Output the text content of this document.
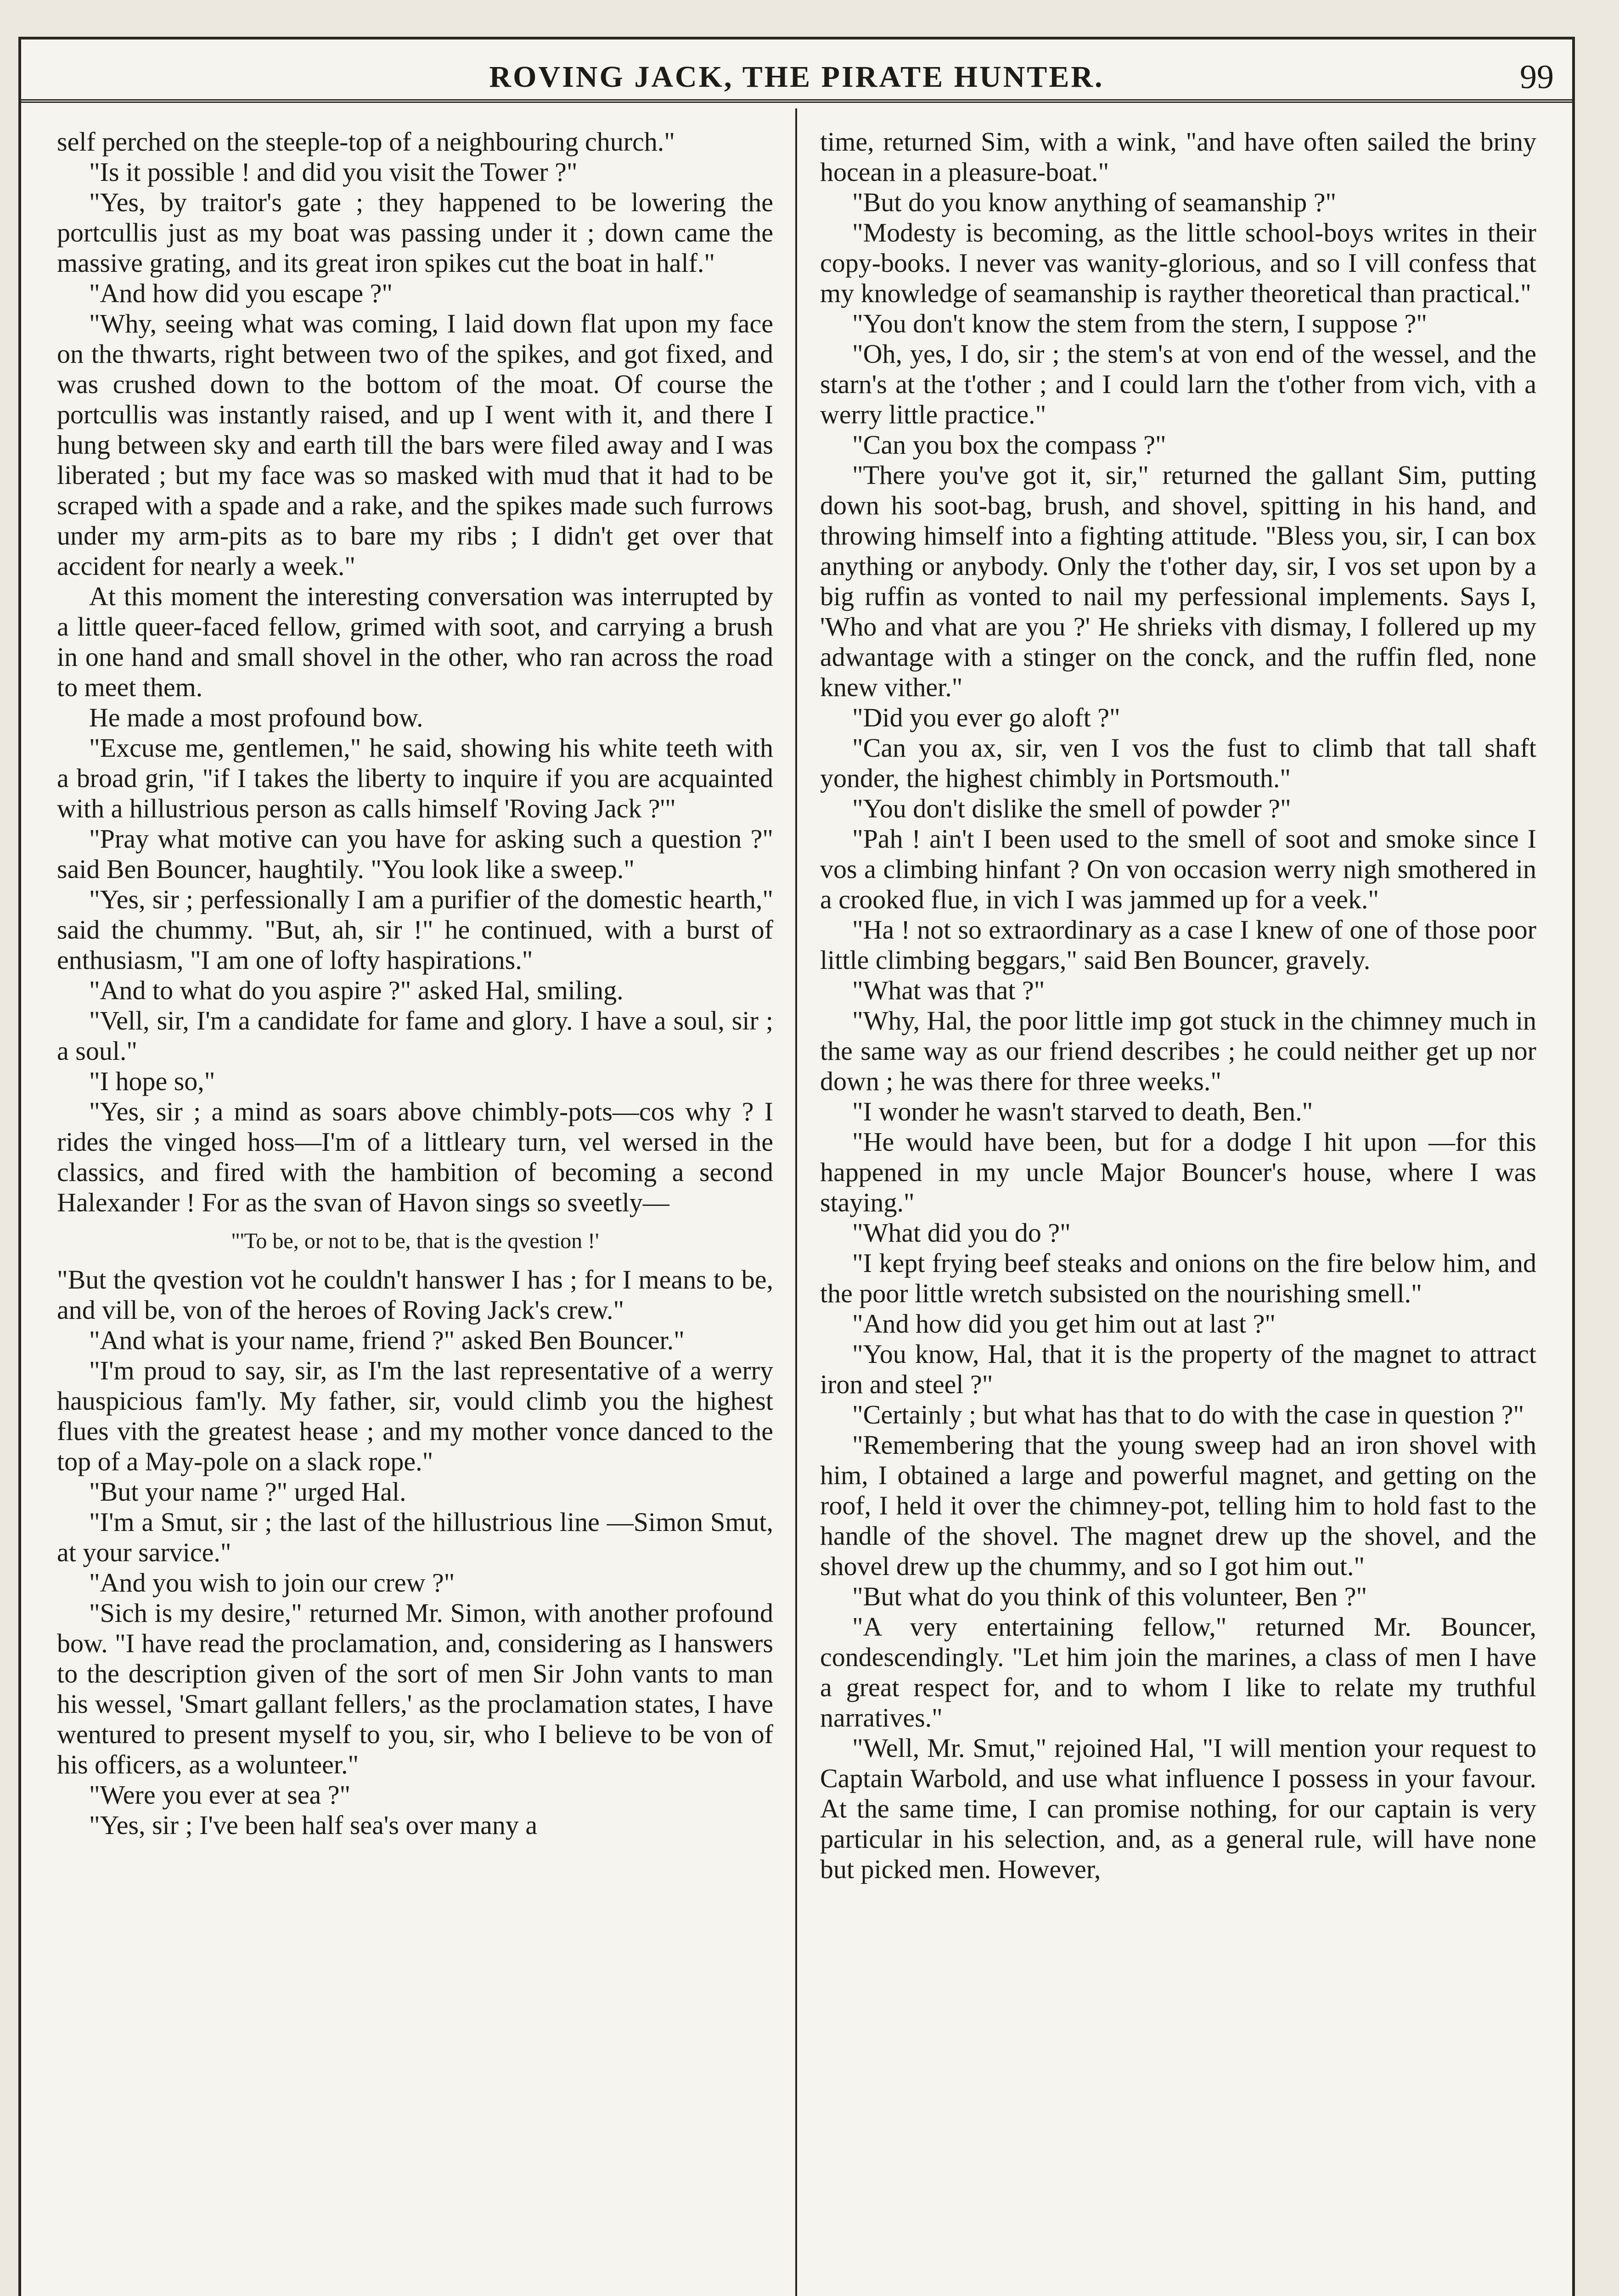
ROVING JACK, THE PIRATE HUNTER.	99

self perched on the steeple-top of a neighbouring church."

"Is it possible ! and did you visit the Tower ?"

"Yes, by traitor's gate ; they happened to be lowering the portcullis just as my boat was passing under it ; down came the massive grating, and its great iron spikes cut the boat in half."

"And how did you escape ?"

"Why, seeing what was coming, I laid down flat upon my face on the thwarts, right between two of the spikes, and got fixed, and was crushed down to the bottom of the moat. Of course the portcullis was instantly raised, and up I went with it, and there I hung between sky and earth till the bars were filed away and I was liberated ; but my face was so masked with mud that it had to be scraped with a spade and a rake, and the spikes made such furrows under my arm-pits as to bare my ribs ; I didn't get over that accident for nearly a week."

At this moment the interesting conversation was interrupted by a little queer-faced fellow, grimed with soot, and carrying a brush in one hand and small shovel in the other, who ran across the road to meet them.

He made a most profound bow.

"Excuse me, gentlemen," he said, showing his white teeth with a broad grin, "if I takes the liberty to inquire if you are acquainted with a hillustrious person as calls himself 'Roving Jack ?'"

"Pray what motive can you have for asking such a question ?" said Ben Bouncer, haughtily. "You look like a sweep."

"Yes, sir ; perfessionally I am a purifier of the domestic hearth," said the chummy. "But, ah, sir !" he continued, with a burst of enthusiasm, "I am one of lofty haspirations."

"And to what do you aspire ?" asked Hal, smiling.

"Vell, sir, I'm a candidate for fame and glory. I have a soul, sir ; a soul."

"I hope so,"

"Yes, sir ; a mind as soars above chimbly-pots—cos why ? I rides the vinged hoss—I'm of a littleary turn, vel wersed in the classics, and fired with the hambition of becoming a second Halexander ! For as the svan of Havon sings so sveetly—

"'To be, or not to be, that is the qvestion !'

"But the qvestion vot he couldn't hanswer I has ; for I means to be, and vill be, von of the heroes of Roving Jack's crew."

"And what is your name, friend ?" asked Ben Bouncer."

"I'm proud to say, sir, as I'm the last representative of a werry hauspicious fam'ly. My father, sir, vould climb you the highest flues vith the greatest hease ; and my mother vonce danced to the top of a May-pole on a slack rope."

"But your name ?" urged Hal.

"I'm a Smut, sir ; the last of the hillustrious line —Simon Smut, at your sarvice."

"And you wish to join our crew ?"

"Sich is my desire," returned Mr. Simon, with another profound bow. "I have read the proclamation, and, considering as I hanswers to the description given of the sort of men Sir John vants to man his wessel, 'Smart gallant fellers,' as the proclamation states, I have wentured to present myself to you, sir, who I believe to be von of his officers, as a wolunteer."

"Were you ever at sea ?"

"Yes, sir ; I've been half sea's over many a

time, returned Sim, with a wink, "and have often sailed the briny hocean in a pleasure-boat."

"But do you know anything of seamanship ?"

"Modesty is becoming, as the little school-boys writes in their copy-books. I never vas wanity-glorious, and so I vill confess that my knowledge of seamanship is rayther theoretical than practical."

"You don't know the stem from the stern, I suppose ?"

"Oh, yes, I do, sir ; the stem's at von end of the wessel, and the starn's at the t'other ; and I could larn the t'other from vich, vith a werry little practice."

"Can you box the compass ?"

"There you've got it, sir," returned the gallant Sim, putting down his soot-bag, brush, and shovel, spitting in his hand, and throwing himself into a fighting attitude. "Bless you, sir, I can box anything or anybody. Only the t'other day, sir, I vos set upon by a big ruffin as vonted to nail my perfessional implements. Says I, 'Who and vhat are you ?' He shrieks vith dismay, I follered up my adwantage with a stinger on the conck, and the ruffin fled, none knew vither."

"Did you ever go aloft ?"

"Can you ax, sir, ven I vos the fust to climb that tall shaft yonder, the highest chimbly in Portsmouth."

"You don't dislike the smell of powder ?"

"Pah ! ain't I been used to the smell of soot and smoke since I vos a climbing hinfant ? On von occasion werry nigh smothered in a crooked flue, in vich I was jammed up for a veek."

"Ha ! not so extraordinary as a case I knew of one of those poor little climbing beggars," said Ben Bouncer, gravely.

"What was that ?"

"Why, Hal, the poor little imp got stuck in the chimney much in the same way as our friend describes ; he could neither get up nor down ; he was there for three weeks."

"I wonder he wasn't starved to death, Ben."

"He would have been, but for a dodge I hit upon —for this happened in my uncle Major Bouncer's house, where I was staying."

"What did you do ?"

"I kept frying beef steaks and onions on the fire below him, and the poor little wretch subsisted on the nourishing smell."

"And how did you get him out at last ?"

"You know, Hal, that it is the property of the magnet to attract iron and steel ?"

"Certainly ; but what has that to do with the case in question ?"

"Remembering that the young sweep had an iron shovel with him, I obtained a large and powerful magnet, and getting on the roof, I held it over the chimney-pot, telling him to hold fast to the handle of the shovel. The magnet drew up the shovel, and the shovel drew up the chummy, and so I got him out."

"But what do you think of this volunteer, Ben ?"

"A very entertaining fellow," returned Mr. Bouncer, condescendingly. "Let him join the marines, a class of men I have a great respect for, and to whom I like to relate my truthful narratives."

"Well, Mr. Smut," rejoined Hal, "I will mention your request to Captain Warbold, and use what influence I possess in your favour. At the same time, I can promise nothing, for our captain is very particular in his selection, and, as a general rule, will have none but picked men. However,
